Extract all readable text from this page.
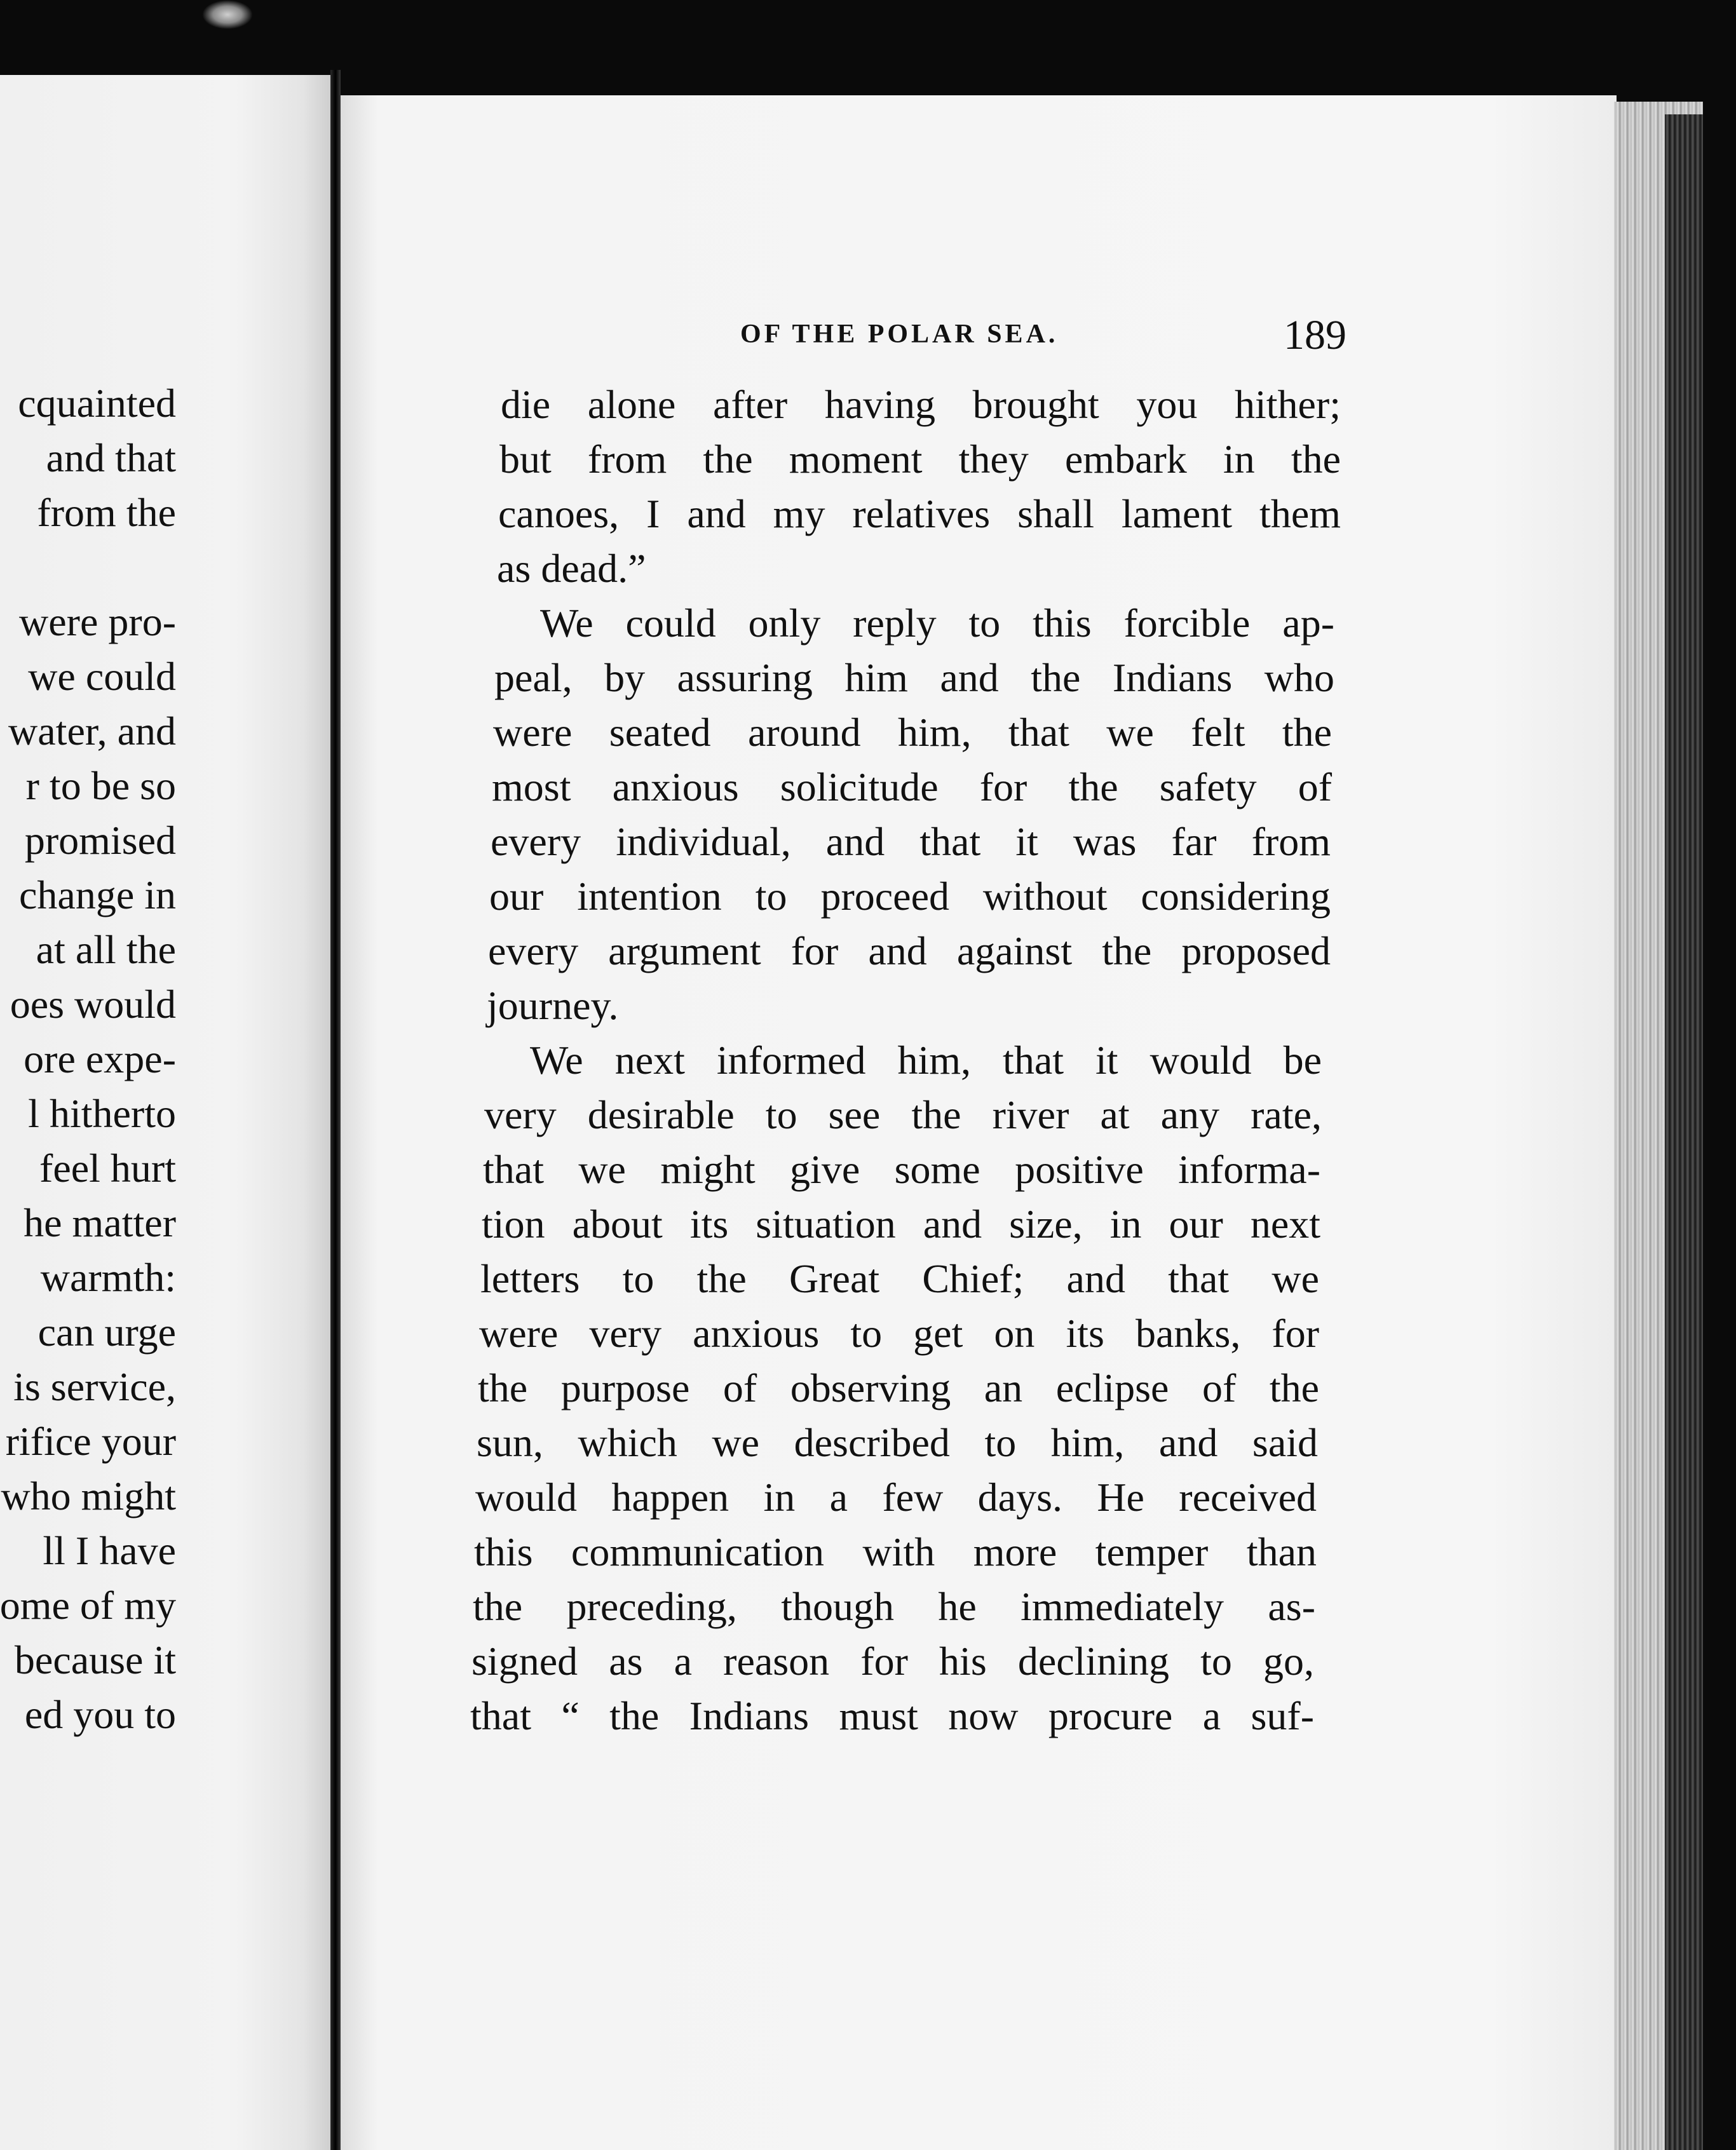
cquainted

and that

from the

were pro-

we could

water, and

r to be so

promised

change in

at all the

oes would

ore expe-

l hitherto

feel hurt

he matter

warmth:

can urge

is service,

rifice your

who might

ll I have

ome of my

because it

ed you to

OF THE POLAR SEA.	189

die alone after having brought you hither;

but from the moment they embark in the

canoes, I and my relatives shall lament them

as dead.”

We could only reply to this forcible ap-

peal, by assuring him and the Indians who

were seated around him, that we felt the

most anxious solicitude for the safety of

every individual, and that it was far from

our intention to proceed without considering

every argument for and against the proposed

journey.

We next informed him, that it would be

very desirable to see the river at any rate,

that we might give some positive informa-

tion about its situation and size, in our next

letters to the Great Chief; and that we

were very anxious to get on its banks, for

the purpose of observing an eclipse of the

sun, which we described to him, and said

would happen in a few days. He received

this communication with more temper than

the preceding, though he immediately as-

signed as a reason for his declining to go,

that “ the Indians must now procure a suf-
